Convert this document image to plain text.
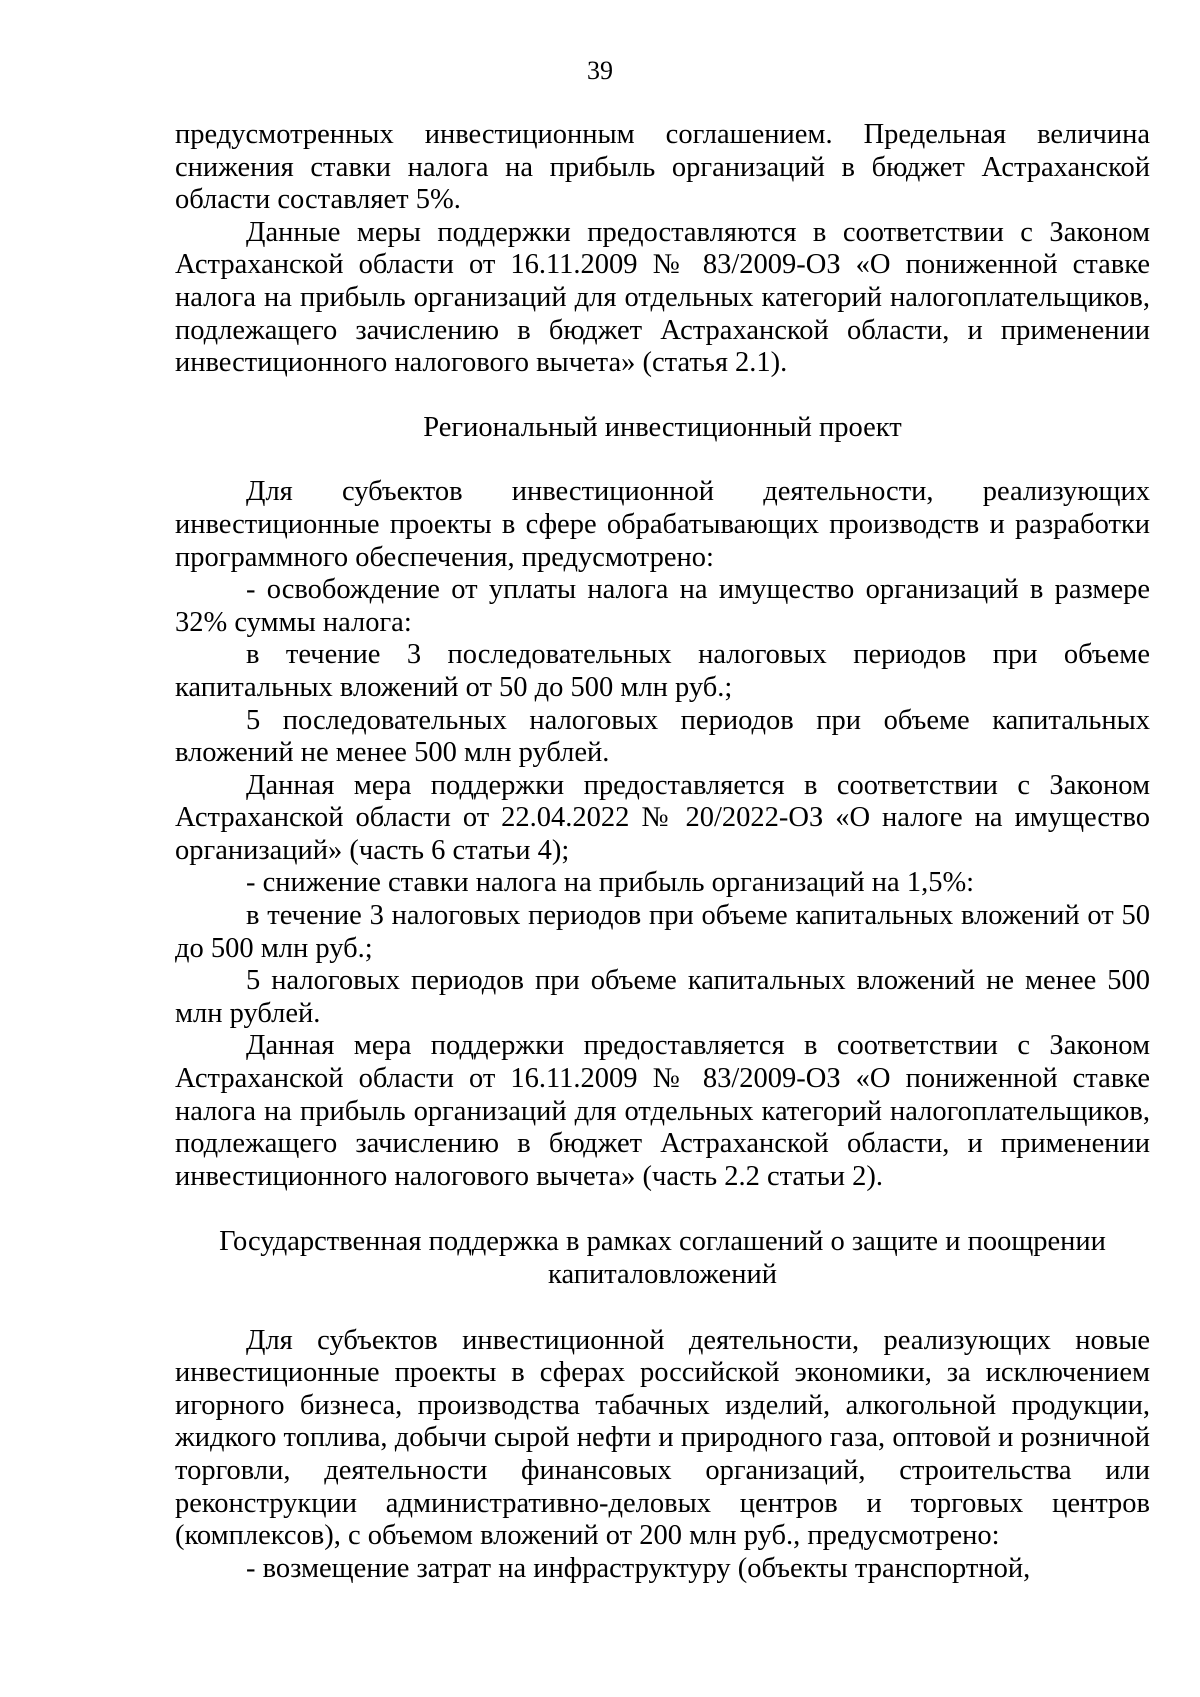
39

предусмотренных инвестиционным соглашением. Предельная величина снижения ставки налога на прибыль организаций в бюджет Астраханской области составляет 5%.

Данные меры поддержки предоставляются в соответствии с Законом Астраханской области от 16.11.2009 № 83/2009-ОЗ «О пониженной ставке налога на прибыль организаций для отдельных категорий налогоплательщиков, подлежащего зачислению в бюджет Астраханской области, и применении инвестиционного налогового вычета» (статья 2.1).

Региональный инвестиционный проект

Для субъектов инвестиционной деятельности, реализующих инвестиционные проекты в сфере обрабатывающих производств и разработки программного обеспечения, предусмотрено:

- освобождение от уплаты налога на имущество организаций в размере 32% суммы налога:

в течение 3 последовательных налоговых периодов при объеме капитальных вложений от 50 до 500 млн руб.;

5 последовательных налоговых периодов при объеме капитальных вложений не менее 500 млн рублей.

Данная мера поддержки предоставляется в соответствии с Законом Астраханской области от 22.04.2022 № 20/2022-ОЗ «О налоге на имущество организаций» (часть 6 статьи 4);

- снижение ставки налога на прибыль организаций на 1,5%:

в течение 3 налоговых периодов при объеме капитальных вложений от 50 до 500 млн руб.;

5 налоговых периодов при объеме капитальных вложений не менее 500 млн рублей.

Данная мера поддержки предоставляется в соответствии с Законом Астраханской области от 16.11.2009 № 83/2009-ОЗ «О пониженной ставке налога на прибыль организаций для отдельных категорий налогоплательщиков, подлежащего зачислению в бюджет Астраханской области, и применении инвестиционного налогового вычета» (часть 2.2 статьи 2).

Государственная поддержка в рамках соглашений о защите и поощрении
капиталовложений

Для субъектов инвестиционной деятельности, реализующих новые инвестиционные проекты в сферах российской экономики, за исключением игорного бизнеса, производства табачных изделий, алкогольной продукции, жидкого топлива, добычи сырой нефти и природного газа, оптовой и розничной торговли, деятельности финансовых организаций, строительства или реконструкции административно-деловых центров и торговых центров (комплексов), с объемом вложений от 200 млн руб., предусмотрено:

- возмещение затрат на инфраструктуру (объекты транспортной,
